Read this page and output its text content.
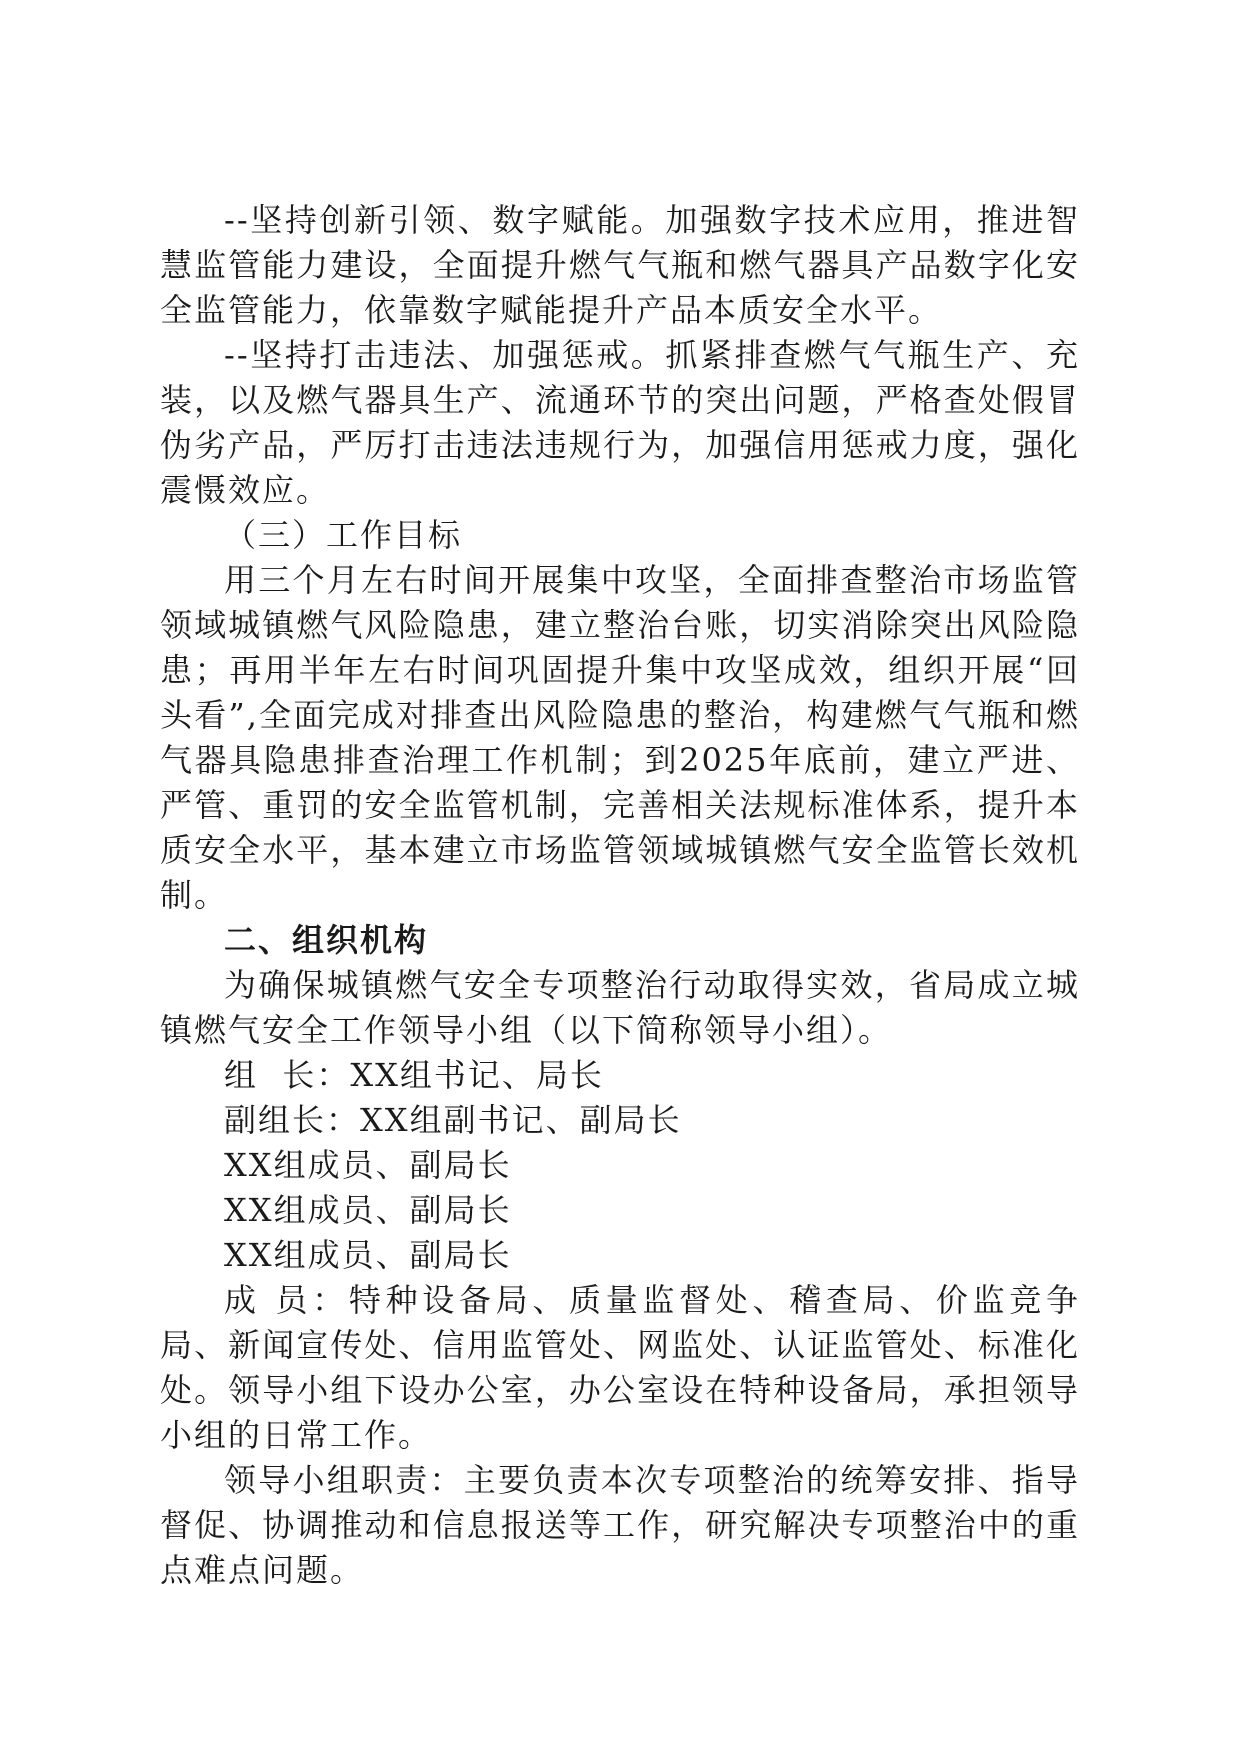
--坚持创新引领、数字赋能。加强数字技术应用，推进智慧监管能力建设，全面提升燃气气瓶和燃气器具产品数字化安全监管能力，依靠数字赋能提升产品本质安全水平。

--坚持打击违法、加强惩戒。抓紧排查燃气气瓶生产、充装，以及燃气器具生产、流通环节的突出问题，严格查处假冒伪劣产品，严厉打击违法违规行为，加强信用惩戒力度，强化震慑效应。

（三）工作目标

用三个月左右时间开展集中攻坚，全面排查整治市场监管领域城镇燃气风险隐患，建立整治台账，切实消除突出风险隐患；再用半年左右时间巩固提升集中攻坚成效，组织开展“回头看”,全面完成对排查出风险隐患的整治，构建燃气气瓶和燃气器具隐患排查治理工作机制；到2025年底前，建立严进、严管、重罚的安全监管机制，完善相关法规标准体系，提升本质安全水平，基本建立市场监管领域城镇燃气安全监管长效机制。

二、组织机构

为确保城镇燃气安全专项整治行动取得实效，省局成立城镇燃气安全工作领导小组（以下简称领导小组）。

组  长：XX组书记、局长

副组长：XX组副书记、副局长

XX组成员、副局长

XX组成员、副局长

XX组成员、副局长

成 员：特种设备局、质量监督处、稽查局、价监竞争局、新闻宣传处、信用监管处、网监处、认证监管处、标准化处。领导小组下设办公室，办公室设在特种设备局，承担领导小组的日常工作。

领导小组职责：主要负责本次专项整治的统筹安排、指导督促、协调推动和信息报送等工作，研究解决专项整治中的重点难点问题。
